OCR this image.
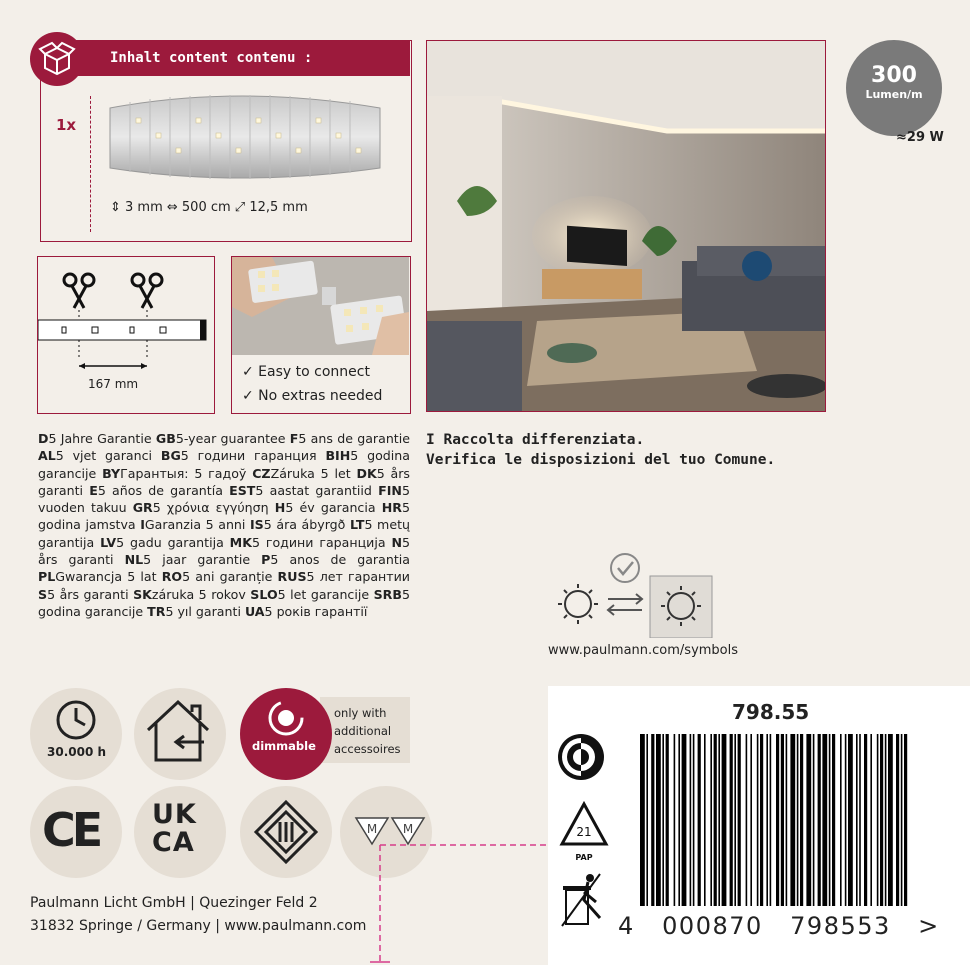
Inhalt content contenu :
1x
⇕ 3 mm ⇔ 500 cm ⤢ 12,5 mm
167 mm
✓ Easy to connect
✓ No extras needed
300
Lumen/m
≈29 W
D5 Jahre Garantie GB5-year guarantee F5 ans de garantie AL5 vjet garanci BG5 години гаранция BIH5 godina garancije BYГарантыя: 5 гадоў CZZáruka 5 let DK5 års garanti E5 años de garantía EST5 aastat garantiid FIN5 vuoden takuu GR5 χρόνια εγγύηση H5 év garancia HR5 godina jamstva IGaranzia 5 anni IS5 ára ábyrgð LT5 metų garantija LV5 gadu garantija MK5 години гаранција N5 års garanti NL5 jaar garantie P5 anos de garantia PLGwarancja 5 lat RO5 ani garanție RUS5 лет гарантии S5 års garanti SKzáruka 5 rokov SLO5 let garancije SRB5 godina garancije TR5 yıl garanti UA5 років гарантії
I Raccolta differenziata.
Verifica le disposizioni del tuo Comune.
www.paulmann.com/symbols
30.000 h	dimmable
only with
additional
accessoires
CE UK
CA	M M
Paulmann Licht GmbH | Quezinger Feld 2
31832 Springe / Germany | www.paulmann.com
798.55
21
PAP
4   000870   798553   >
